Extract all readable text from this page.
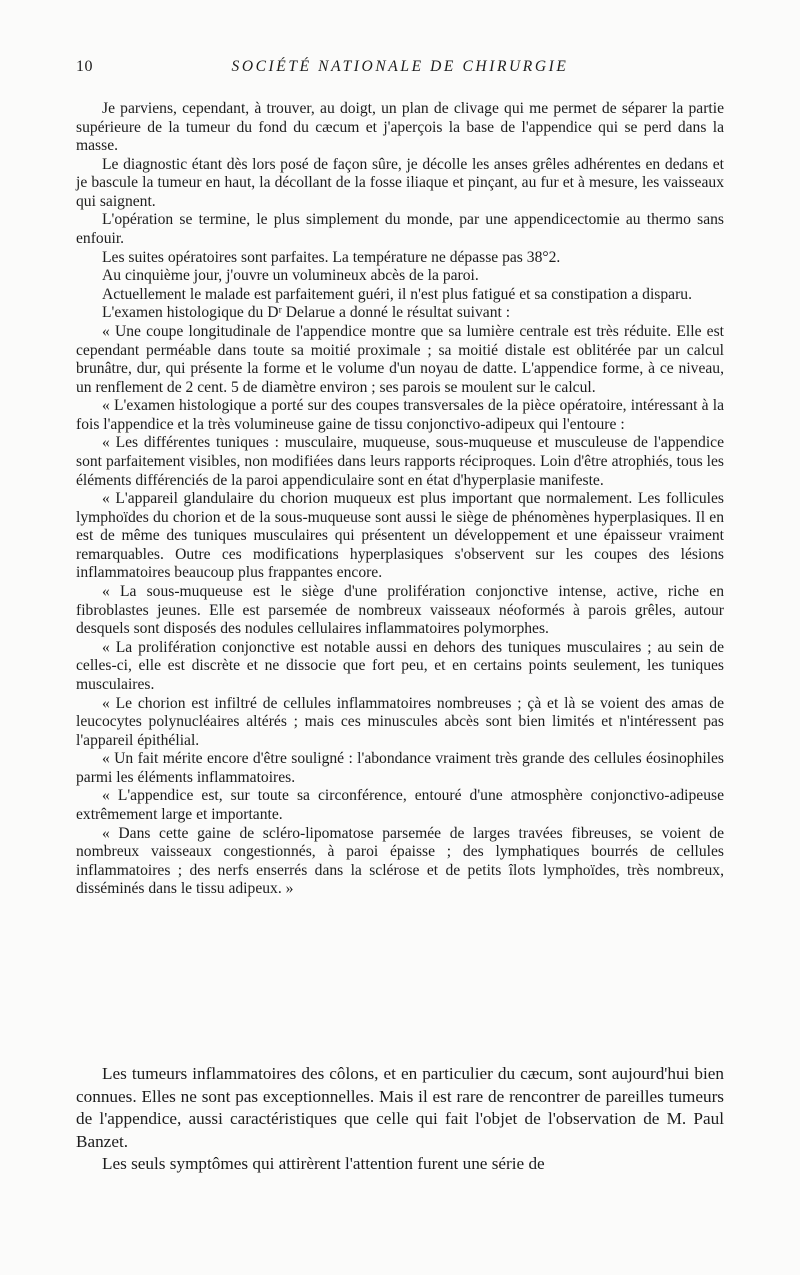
10	SOCIÉTÉ NATIONALE DE CHIRURGIE

Je parviens, cependant, à trouver, au doigt, un plan de clivage qui me permet de séparer la partie supérieure de la tumeur du fond du cæcum et j'aperçois la base de l'appendice qui se perd dans la masse.

Le diagnostic étant dès lors posé de façon sûre, je décolle les anses grêles adhérentes en dedans et je bascule la tumeur en haut, la décollant de la fosse iliaque et pinçant, au fur et à mesure, les vaisseaux qui saignent.

L'opération se termine, le plus simplement du monde, par une appendicectomie au thermo sans enfouir.

Les suites opératoires sont parfaites. La température ne dépasse pas 38°2.

Au cinquième jour, j'ouvre un volumineux abcès de la paroi.

Actuellement le malade est parfaitement guéri, il n'est plus fatigué et sa constipation a disparu.

L'examen histologique du Dʳ Delarue a donné le résultat suivant :

« Une coupe longitudinale de l'appendice montre que sa lumière centrale est très réduite. Elle est cependant perméable dans toute sa moitié proximale ; sa moitié distale est oblitérée par un calcul brunâtre, dur, qui présente la forme et le volume d'un noyau de datte. L'appendice forme, à ce niveau, un renflement de 2 cent. 5 de diamètre environ ; ses parois se moulent sur le calcul.

« L'examen histologique a porté sur des coupes transversales de la pièce opératoire, intéressant à la fois l'appendice et la très volumineuse gaine de tissu conjonctivo-adipeux qui l'entoure :

« Les différentes tuniques : musculaire, muqueuse, sous-muqueuse et musculeuse de l'appendice sont parfaitement visibles, non modifiées dans leurs rapports réciproques. Loin d'être atrophiés, tous les éléments différenciés de la paroi appendiculaire sont en état d'hyperplasie manifeste.

« L'appareil glandulaire du chorion muqueux est plus important que normalement. Les follicules lymphoïdes du chorion et de la sous-muqueuse sont aussi le siège de phénomènes hyperplasiques. Il en est de même des tuniques musculaires qui présentent un développement et une épaisseur vraiment remarquables. Outre ces modifications hyperplasiques s'observent sur les coupes des lésions inflammatoires beaucoup plus frappantes encore.

« La sous-muqueuse est le siège d'une prolifération conjonctive intense, active, riche en fibroblastes jeunes. Elle est parsemée de nombreux vaisseaux néoformés à parois grêles, autour desquels sont disposés des nodules cellulaires inflammatoires polymorphes.

« La prolifération conjonctive est notable aussi en dehors des tuniques musculaires ; au sein de celles-ci, elle est discrète et ne dissocie que fort peu, et en certains points seulement, les tuniques musculaires.

« Le chorion est infiltré de cellules inflammatoires nombreuses ; çà et là se voient des amas de leucocytes polynucléaires altérés ; mais ces minuscules abcès sont bien limités et n'intéressent pas l'appareil épithélial.

« Un fait mérite encore d'être souligné : l'abondance vraiment très grande des cellules éosinophiles parmi les éléments inflammatoires.

« L'appendice est, sur toute sa circonférence, entouré d'une atmosphère conjonctivo-adipeuse extrêmement large et importante.

« Dans cette gaine de scléro-lipomatose parsemée de larges travées fibreuses, se voient de nombreux vaisseaux congestionnés, à paroi épaisse ; des lymphatiques bourrés de cellules inflammatoires ; des nerfs enserrés dans la sclérose et de petits îlots lymphoïdes, très nombreux, disséminés dans le tissu adipeux. »

Les tumeurs inflammatoires des côlons, et en particulier du cæcum, sont aujourd'hui bien connues. Elles ne sont pas exceptionnelles. Mais il est rare de rencontrer de pareilles tumeurs de l'appendice, aussi caractéristiques que celle qui fait l'objet de l'observation de M. Paul Banzet.

Les seuls symptômes qui attirèrent l'attention furent une série de
